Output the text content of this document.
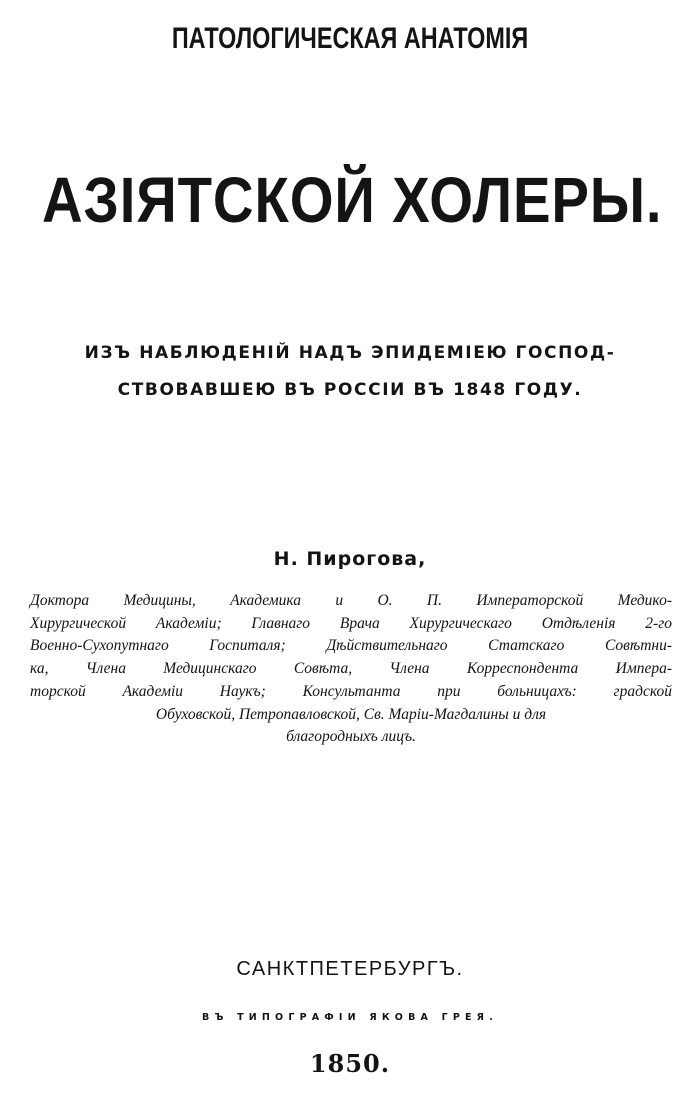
ПАТОЛОГИЧЕСКАЯ АНАТОМІЯ
АЗІЯТСКОЙ ХОЛЕРЫ.
ИЗЪ НАБЛЮДЕНІЙ НАДЪ ЭПИДЕМІЕЮ ГОСПОД-
СТВОВАВШЕЮ ВЪ РОССІИ ВЪ 1848 ГОДУ.
Н. Пирогова,
Доктора Медицины, Академика и О. П. Императорской Медико-
Хирургической Академіи; Главнаго Врача Хирургическаго Отдѣленія 2-го
Военно-Сухопутнаго Госпиталя; Дѣйствительнаго Статскаго Совѣтни-
ка, Члена Медицинскаго Совѣта, Члена Корреспондента Импера-
торской Академіи Наукъ; Консультанта при больницахъ: градской
Обуховской, Петропавловской, Св. Маріи-Магдалины и для
благородныхъ лицъ.
САНКТПЕТЕРБУРГЪ.
ВЪ ТИПОГРАФІИ ЯКОВА ГРЕЯ.
1850.
